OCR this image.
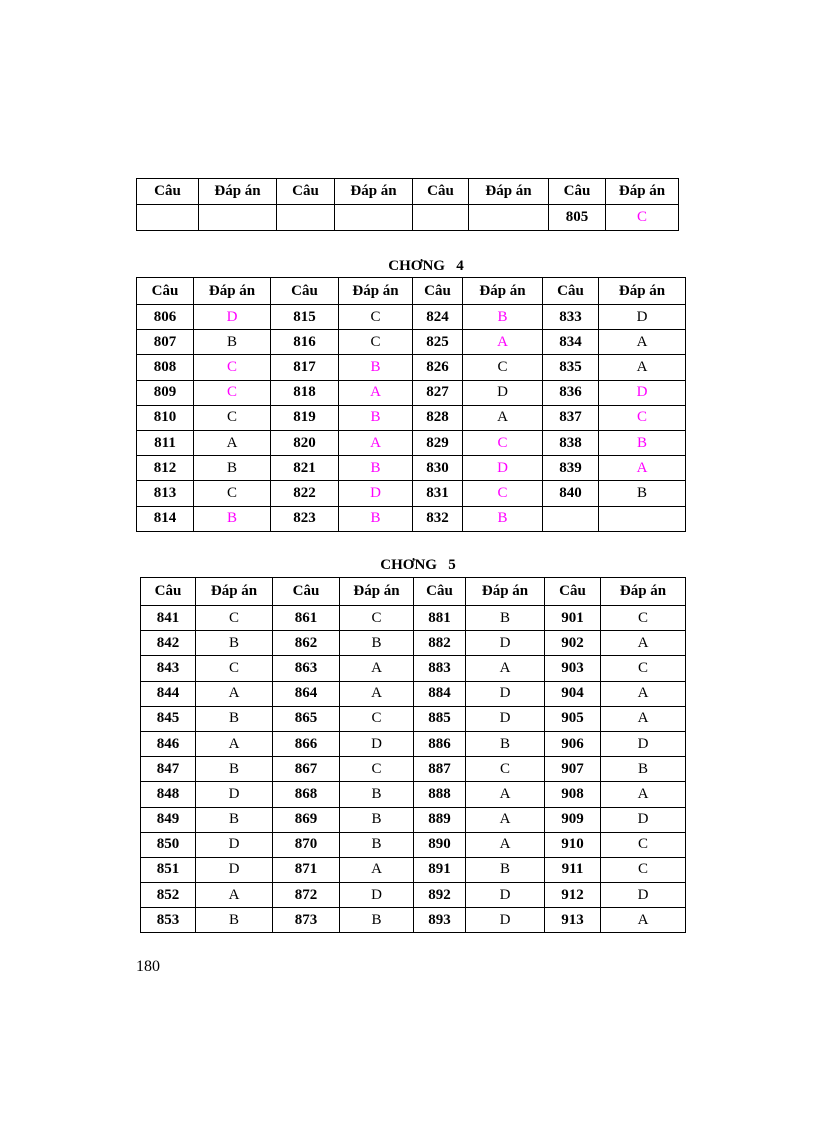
Câu	Đáp án	Câu	Đáp án	Câu	Đáp án	Câu	Đáp án
						805	C
CHƠNG   4
Câu	Đáp án	Câu	Đáp án	Câu	Đáp án	Câu	Đáp án
806	D	815	C	824	B	833	D
807	B	816	C	825	A	834	A
808	C	817	B	826	C	835	A
809	C	818	A	827	D	836	D
810	C	819	B	828	A	837	C
811	A	820	A	829	C	838	B
812	B	821	B	830	D	839	A
813	C	822	D	831	C	840	B
814	B	823	B	832	B		
CHƠNG   5
Câu	Đáp án	Câu	Đáp án	Câu	Đáp án	Câu	Đáp án
841	C	861	C	881	B	901	C
842	B	862	B	882	D	902	A
843	C	863	A	883	A	903	C
844	A	864	A	884	D	904	A
845	B	865	C	885	D	905	A
846	A	866	D	886	B	906	D
847	B	867	C	887	C	907	B
848	D	868	B	888	A	908	A
849	B	869	B	889	A	909	D
850	D	870	B	890	A	910	C
851	D	871	A	891	B	911	C
852	A	872	D	892	D	912	D
853	B	873	B	893	D	913	A
180
